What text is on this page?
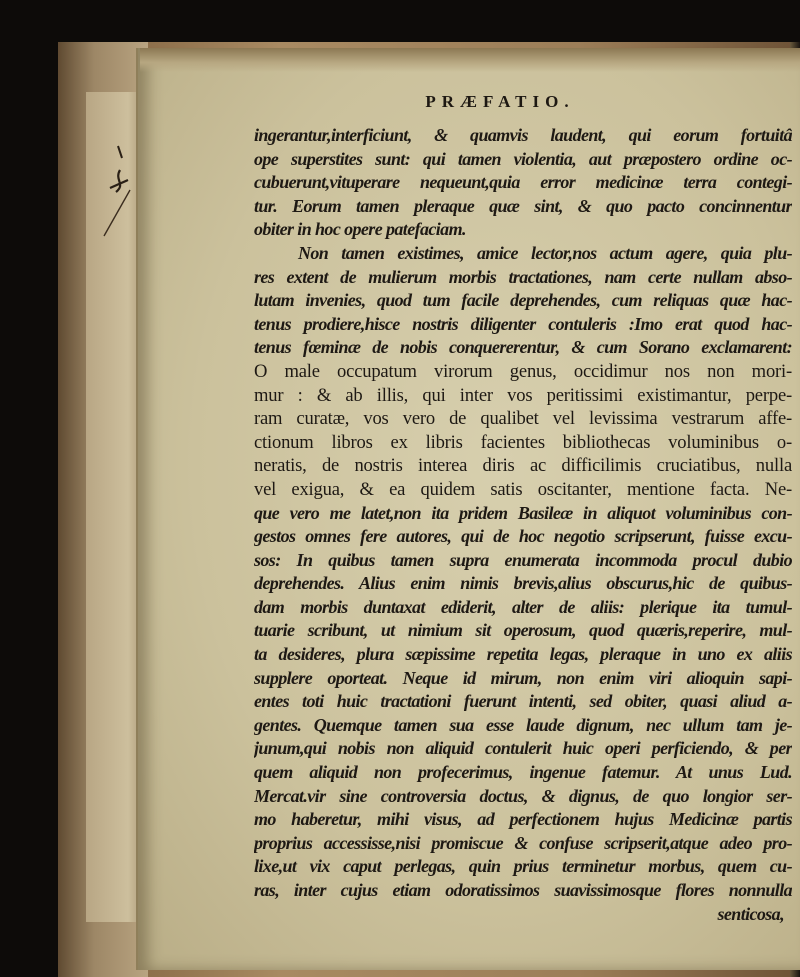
PRÆFATIO.
ingerantur,interficiunt, & quamvis laudent, qui eorum fortuitâ
ope superstites sunt: qui tamen violentia, aut præpostero ordine oc-
cubuerunt,vituperare nequeunt,quia error medicinæ terra contegi-
tur. Eorum tamen pleraque quæ sint, & quo pacto concinnentur
obiter in hoc opere patefaciam.
Non tamen existimes, amice lector,nos actum agere, quia plu-
res extent de mulierum morbis tractationes, nam certe nullam abso-
lutam invenies, quod tum facile deprehendes, cum reliquas quæ hac-
tenus prodiere,hisce nostris diligenter contuleris :Imo erat quod hac-
tenus fœminæ de nobis conquererentur, & cum Sorano exclamarent:
O male occupatum virorum genus, occidimur nos non mori-
mur : & ab illis, qui inter vos peritissimi existimantur, perpe-
ram curatæ, vos vero de qualibet vel levissima vestrarum affe-
ctionum libros ex libris facientes bibliothecas voluminibus o-
neratis, de nostris interea diris ac difficilimis cruciatibus, nulla
vel exigua, & ea quidem satis oscitanter, mentione facta. Ne-
que vero me latet,non ita pridem Basileæ in aliquot voluminibus con-
gestos omnes fere autores, qui de hoc negotio scripserunt, fuisse excu-
sos: In quibus tamen supra enumerata incommoda procul dubio
deprehendes. Alius enim nimis brevis,alius obscurus,hic de quibus-
dam morbis duntaxat ediderit, alter de aliis: plerique ita tumul-
tuarie scribunt, ut nimium sit operosum, quod quæris,reperire, mul-
ta desideres, plura sæpissime repetita legas, pleraque in uno ex aliis
supplere oporteat. Neque id mirum, non enim viri alioquin sapi-
entes toti huic tractationi fuerunt intenti, sed obiter, quasi aliud a-
gentes. Quemque tamen sua esse laude dignum, nec ullum tam je-
junum,qui nobis non aliquid contulerit huic operi perficiendo, & per
quem aliquid non profecerimus, ingenue fatemur. At unus Lud.
Mercat.vir sine controversia doctus, & dignus, de quo longior ser-
mo haberetur, mihi visus, ad perfectionem hujus Medicinæ partis
proprius accessisse,nisi promiscue & confuse scripserit,atque adeo pro-
lixe,ut vix caput perlegas, quin prius terminetur morbus, quem cu-
ras, inter cujus etiam odoratissimos suavissimosque flores nonnulla
senticosa,
